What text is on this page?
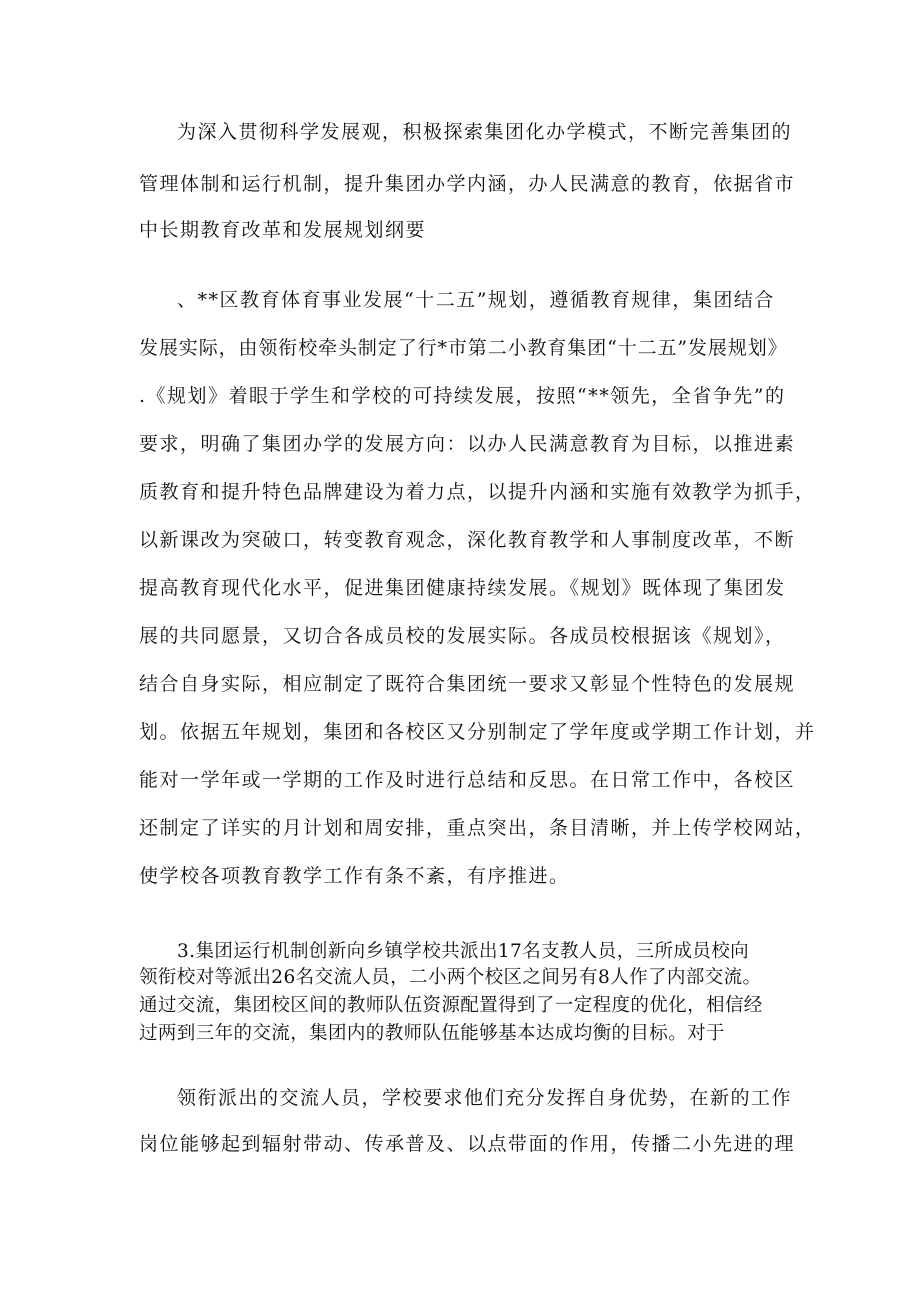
为深入贯彻科学发展观，积极探索集团化办学模式，不断完善集团的
管理体制和运行机制，提升集团办学内涵，办人民满意的教育，依据省市
中长期教育改革和发展规划纲要
、**区教育体育事业发展“十二五”规划，遵循教育规律，集团结合
发展实际，由领衔校牵头制定了行*市第二小教育集团“十二五”发展规划》
.《规划》着眼于学生和学校的可持续发展，按照“**领先，全省争先”的
要求，明确了集团办学的发展方向：以办人民满意教育为目标，以推进素
质教育和提升特色品牌建设为着力点，以提升内涵和实施有效教学为抓手，
以新课改为突破口，转变教育观念，深化教育教学和人事制度改革，不断
提高教育现代化水平，促进集团健康持续发展。《规划》既体现了集团发
展的共同愿景，又切合各成员校的发展实际。各成员校根据该《规划》，
结合自身实际，相应制定了既符合集团统一要求又彰显个性特色的发展规
划。依据五年规划，集团和各校区又分别制定了学年度或学期工作计划，并
能对一学年或一学期的工作及时进行总结和反思。在日常工作中，各校区
还制定了详实的月计划和周安排，重点突出，条目清晰，并上传学校网站，
使学校各项教育教学工作有条不紊，有序推进。
3.集团运行机制创新向乡镇学校共派出17名支教人员，三所成员校向
领衔校对等派出26名交流人员，二小两个校区之间另有8人作了内部交流。
通过交流，集团校区间的教师队伍资源配置得到了一定程度的优化，相信经
过两到三年的交流，集团内的教师队伍能够基本达成均衡的目标。对于
领衔派出的交流人员，学校要求他们充分发挥自身优势，在新的工作
岗位能够起到辐射带动、传承普及、以点带面的作用，传播二小先进的理
